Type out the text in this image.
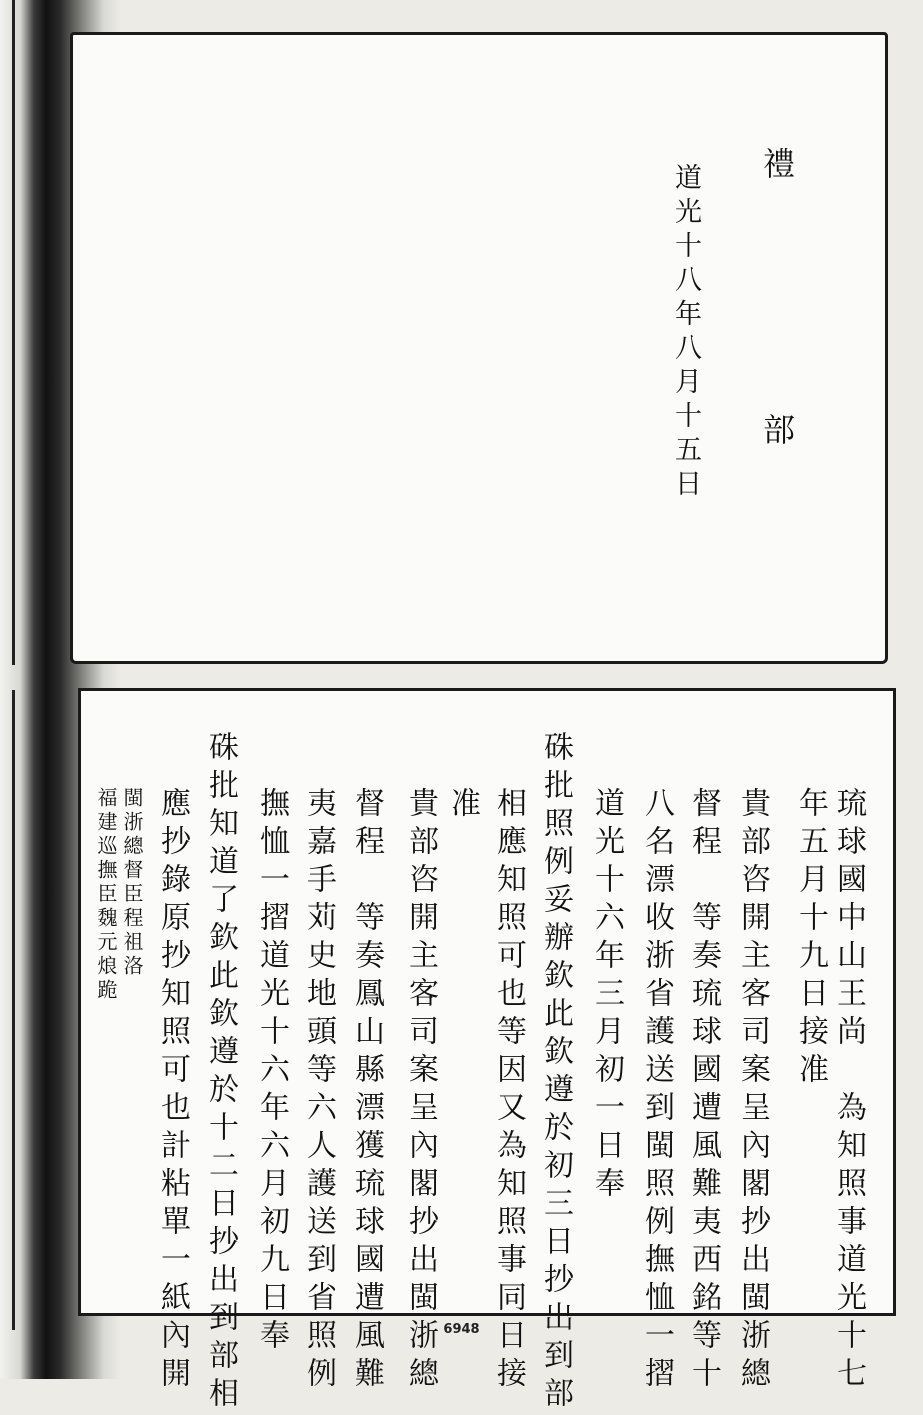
禮
部
道光十八年八月十五日
琉球國中山王尚　為知照事道光十七
年五月十九日接准
貴部咨開主客司案呈內閣抄出閩浙總
督程　等奏琉球國遭風難夷西銘等十
八名漂收浙省護送到閩照例撫恤一摺
道光十六年三月初一日奉
硃批照例妥辦欽此欽遵於初三日抄出到部
相應知照可也等因又為知照事同日接
准
貴部咨開主客司案呈內閣抄出閩浙總
督程　等奏鳳山縣漂獲琉球國遭風難
夷嘉手苅史地頭等六人護送到省照例
撫恤一摺道光十六年六月初九日奉
硃批知道了欽此欽遵於十二日抄出到部相
應抄錄原抄知照可也計粘單一紙內開
閩浙總督臣程祖洛
福建巡撫臣魏元烺跪
6948
